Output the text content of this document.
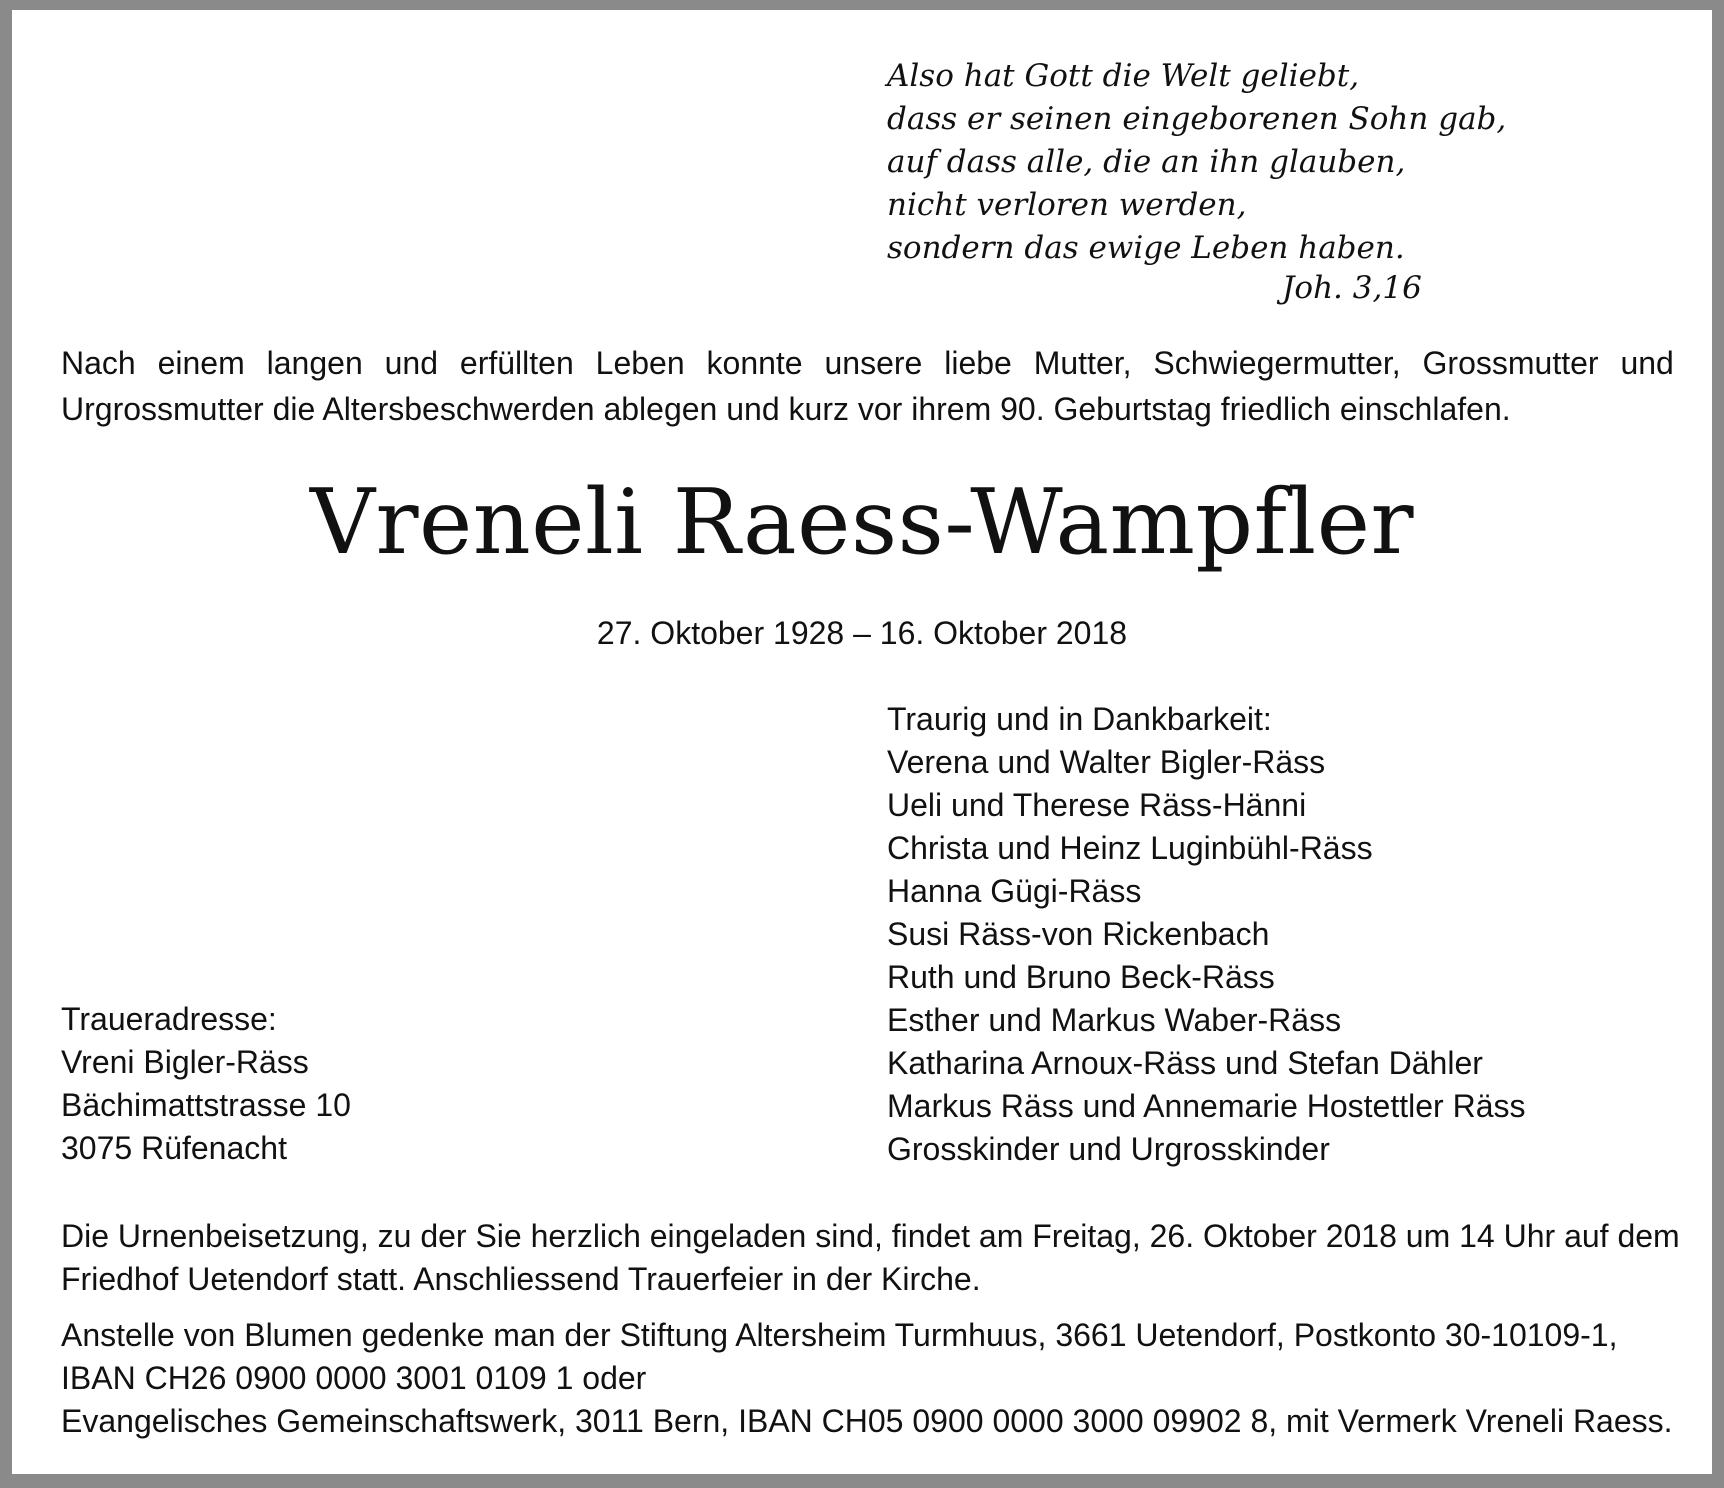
Also hat Gott die Welt geliebt,
dass er seinen eingeborenen Sohn gab,
auf dass alle, die an ihn glauben,
nicht verloren werden,
sondern das ewige Leben haben.
Joh. 3,16
Nach einem langen und erfüllten Leben konnte unsere liebe Mutter, Schwiegermutter, Grossmutter und
Urgrossmutter die Altersbeschwerden ablegen und kurz vor ihrem 90. Geburtstag friedlich einschlafen.
Vreneli Raess-Wampfler
27. Oktober 1928 – 16. Oktober 2018
Traurig und in Dankbarkeit:
Verena und Walter Bigler-Räss
Ueli und Therese Räss-Hänni
Christa und Heinz Luginbühl-Räss
Hanna Gügi-Räss
Susi Räss-von Rickenbach
Ruth und Bruno Beck-Räss
Esther und Markus Waber-Räss
Katharina Arnoux-Räss und Stefan Dähler
Markus Räss und Annemarie Hostettler Räss
Grosskinder und Urgrosskinder
Traueradresse:
Vreni Bigler-Räss
Bächimattstrasse 10
3075 Rüfenacht
Die Urnenbeisetzung, zu der Sie herzlich eingeladen sind, findet am Freitag, 26. Oktober 2018 um 14 Uhr auf dem
Friedhof Uetendorf statt. Anschliessend Trauerfeier in der Kirche.
Anstelle von Blumen gedenke man der Stiftung Altersheim Turmhuus, 3661 Uetendorf, Postkonto 30-10109-1,
IBAN CH26 0900 0000 3001 0109 1 oder
Evangelisches Gemeinschaftswerk, 3011 Bern, IBAN CH05 0900 0000 3000 09902 8, mit Vermerk Vreneli Raess.
